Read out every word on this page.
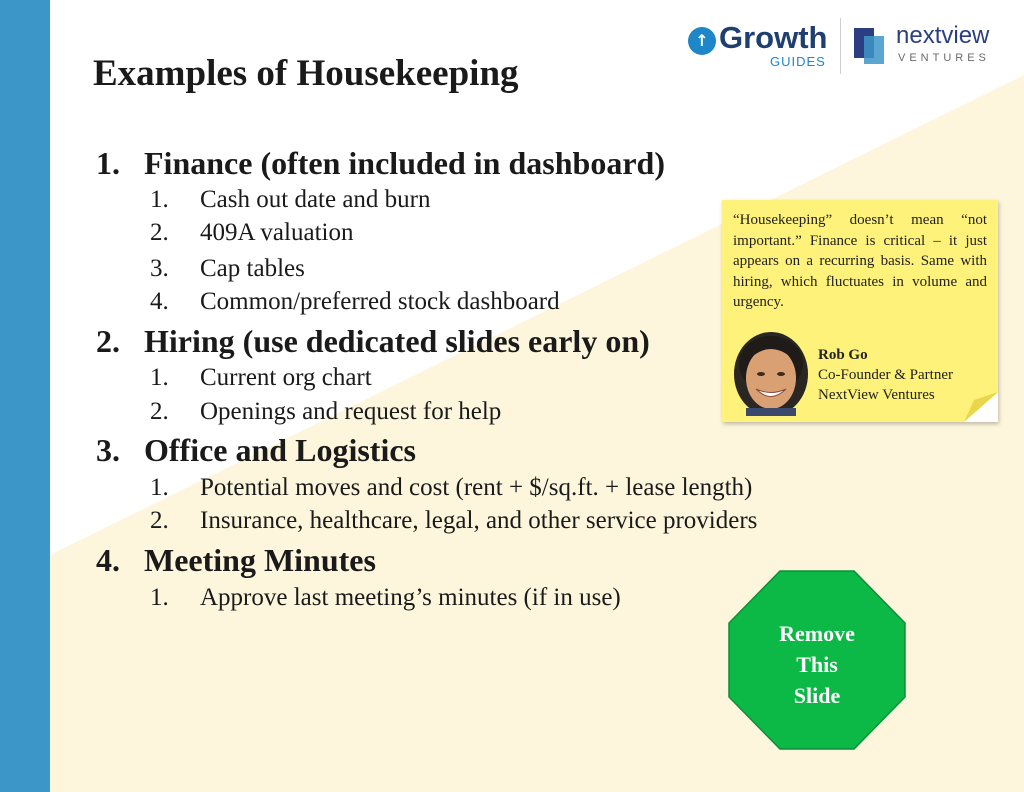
Examples of Housekeeping
↑ Growth
GUIDES
nextview
VENTURES
1. Finance (often included in dashboard)
1. Cash out date and burn
2. 409A valuation
3. Cap tables
4. Common/preferred stock dashboard
2. Hiring (use dedicated slides early on)
1. Current org chart
2. Openings and request for help
3. Office and Logistics
1. Potential moves and cost (rent + $/sq.ft. + lease length)
2. Insurance, healthcare, legal, and other service providers
4. Meeting Minutes
1. Approve last meeting’s minutes (if in use)

“Housekeeping” doesn’t mean “not important.” Finance is critical – it just appears on a recurring basis. Same with hiring, which fluctuates in volume and urgency.

Rob Go
Co-Founder & Partner
NextView Ventures
Remove
This
Slide
